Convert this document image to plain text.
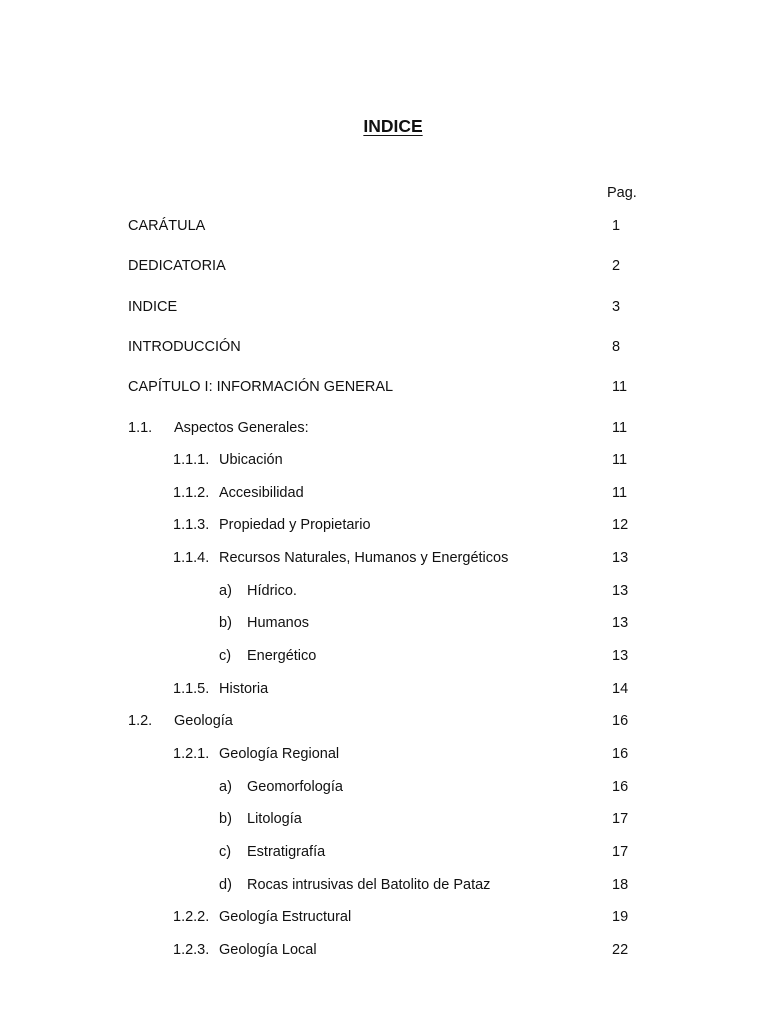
INDICE
Pag.
CARÁTULA	1
DEDICATORIA	2
INDICE	3
INTRODUCCIÓN	8
CAPÍTULO I: INFORMACIÓN GENERAL	11
1.1. Aspectos Generales:	11
1.1.1. Ubicación	11
1.1.2. Accesibilidad	11
1.1.3. Propiedad y Propietario	12
1.1.4. Recursos Naturales, Humanos y Energéticos	13
a) Hídrico.	13
b) Humanos	13
c) Energético	13
1.1.5. Historia	14
1.2. Geología	16
1.2.1. Geología Regional	16
a) Geomorfología	16
b) Litología	17
c) Estratigrafía	17
d) Rocas intrusivas del Batolito de Pataz	18
1.2.2. Geología Estructural	19
1.2.3. Geología Local	22
